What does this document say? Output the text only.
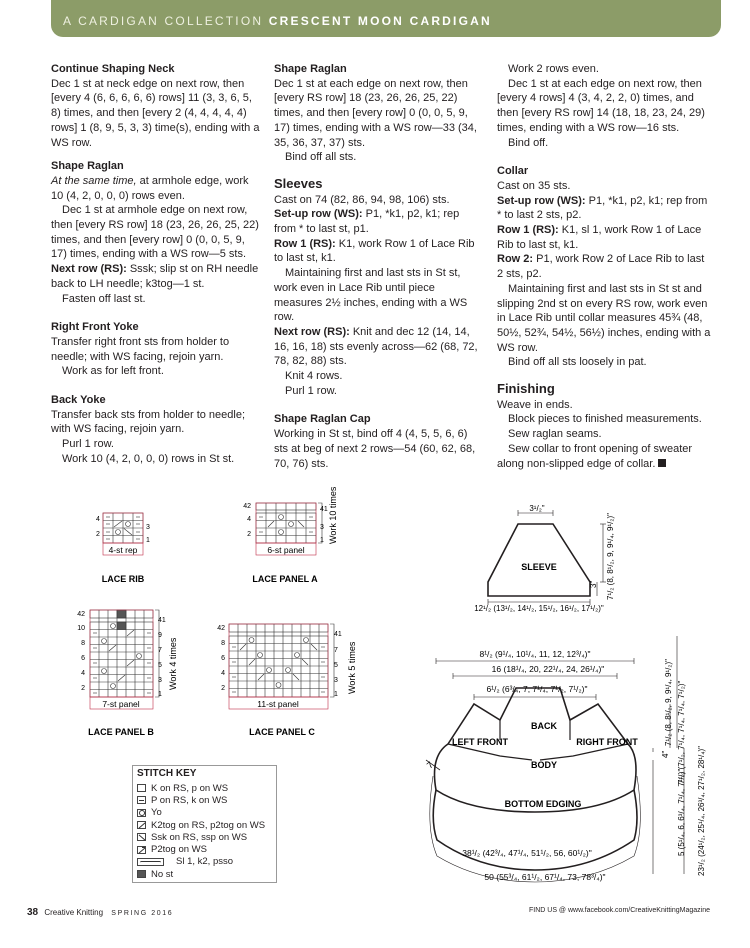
A CARDIGAN COLLECTION CRESCENT MOON CARDIGAN

Continue Shaping Neck

Dec 1 st at neck edge on next row, then [every 4 (6, 6, 6, 6, 6) rows] 11 (3, 3, 6, 5, 8) times, and then [every 2 (4, 4, 4, 4, 4) rows] 1 (8, 9, 5, 3, 3) time(s), ending with a WS row.

Shape Raglan

At the same time, at armhole edge, work 10 (4, 2, 0, 0, 0) rows even.

Dec 1 st at armhole edge on next row, then [every RS row] 18 (23, 26, 26, 25, 22) times, and then [every row] 0 (0, 0, 5, 9, 17) times, ending with a WS row—5 sts.

Next row (RS): Sssk; slip st on RH needle back to LH needle; k3tog—1 st.

Fasten off last st.

Right Front Yoke

Transfer right front sts from holder to needle; with WS facing, rejoin yarn.

Work as for left front.

Back Yoke

Transfer back sts from holder to needle; with WS facing, rejoin yarn.

Purl 1 row.

Work 10 (4, 2, 0, 0, 0) rows in St st.

Shape Raglan

Dec 1 st at each edge on next row, then [every RS row] 18 (23, 26, 26, 25, 22) times, and then [every row] 0 (0, 0, 5, 9, 17) times, ending with a WS row—33 (34, 35, 36, 37, 37) sts.

Bind off all sts.

Sleeves

Cast on 74 (82, 86, 94, 98, 106) sts.

Set-up row (WS): P1, *k1, p2, k1; rep from * to last st, p1.

Row 1 (RS): K1, work Row 1 of Lace Rib to last st, k1.

Maintaining first and last sts in St st, work even in Lace Rib until piece measures 2½ inches, ending with a WS row.

Next row (RS): Knit and dec 12 (14, 14, 16, 16, 18) sts evenly across—62 (68, 72, 78, 82, 88) sts.

Knit 4 rows.

Purl 1 row.

Shape Raglan Cap

Working in St st, bind off 4 (4, 5, 5, 6, 6) sts at beg of next 2 rows—54 (60, 62, 68, 70, 76) sts.

Work 2 rows even.

Dec 1 st at each edge on next row, then [every 4 rows] 4 (3, 4, 2, 2, 0) times, and then [every RS row] 14 (18, 18, 23, 24, 29) times, ending with a WS row—16 sts.

Bind off.

Collar

Cast on 35 sts.

Set-up row (WS): P1, *k1, p2, k1; rep from * to last 2 sts, p2.

Row 1 (RS): K1, sl 1, work Row 1 of Lace Rib to last st, k1.

Row 2: P1, work Row 2 of Lace Rib to last 2 sts, p2.

Maintaining first and last sts in St st and slipping 2nd st on every RS row, work even in Lace Rib until collar measures 45¾ (48, 50½, 52¾, 54½, 56½) inches, ending with a WS row.

Bind off all sts loosely in pat.

Finishing

Weave in ends.

Block pieces to finished measurements.

Sew raglan seams.

Sew collar to front opening of sweater along non-slipped edge of collar.

4
2
3
1
4-st rep
LACE RIB
42
4
2
41
3
1
6-st panel
Work 10 times
LACE PANEL A
42
10
8
6
4
2
41
9
7
5
3
1
7-st panel
Work 4 times
LACE PANEL B
42
8
6
4
2
41
7
5
3
1
11-st panel
Work 5 times
LACE PANEL C
3¹/₂"
SLEEVE	7¹/₂ (8, 8¹/₂, 9, 9¹/₄, 9¹/₂)"
3"
12¹/₂ (13¹/₂, 14¹/₂, 15¹/₂, 16¹/₂, 17¹/₂)"
8¹/₂ (9¹/₄, 10¹/₄, 11, 12, 12³/₄)"
16 (18¹/₄, 20, 22¹/₄, 24, 26¹/₄)"
6¹/₂ (6³/₄, 7, 7¹/₄, 7¹/₂, 7¹/₂)"
BACK
LEFT FRONT	RIGHT FRONT
BODY
BOTTOM EDGING
7
4"
7¹/₂ (8, 8¹/₂, 9, 9¹/₄, 9¹/₂)" 7¹/₂ (7¹/₂, 7¹/₄, 7¹/₄, 7¹/₄, 7¹/₂)"
5 (5¹/₄, 6, 6³/₄, 7¹/₄, 7¹/₂)" 23¹/₂ (24¹/₂, 25¹/₄, 26³/₄, 27¹/₂, 28¹/₄)"
38¹/₂ (42³/₄, 47¹/₄, 51¹/₂, 56, 60¹/₂)"
50 (55³/₄, 61¹/₂, 67¹/₄, 73, 78³/₄)"
STITCH KEY
K on RS, p on WS
P on RS, k on WS
Yo
K2tog on RS, p2tog on WS
Ssk on RS, ssp on WS
P2tog on WS
Sl 1, k2, psso
No st
38 Creative Knitting SPRING 2016	FIND US @ www.facebook.com/CreativeKnittingMagazine
